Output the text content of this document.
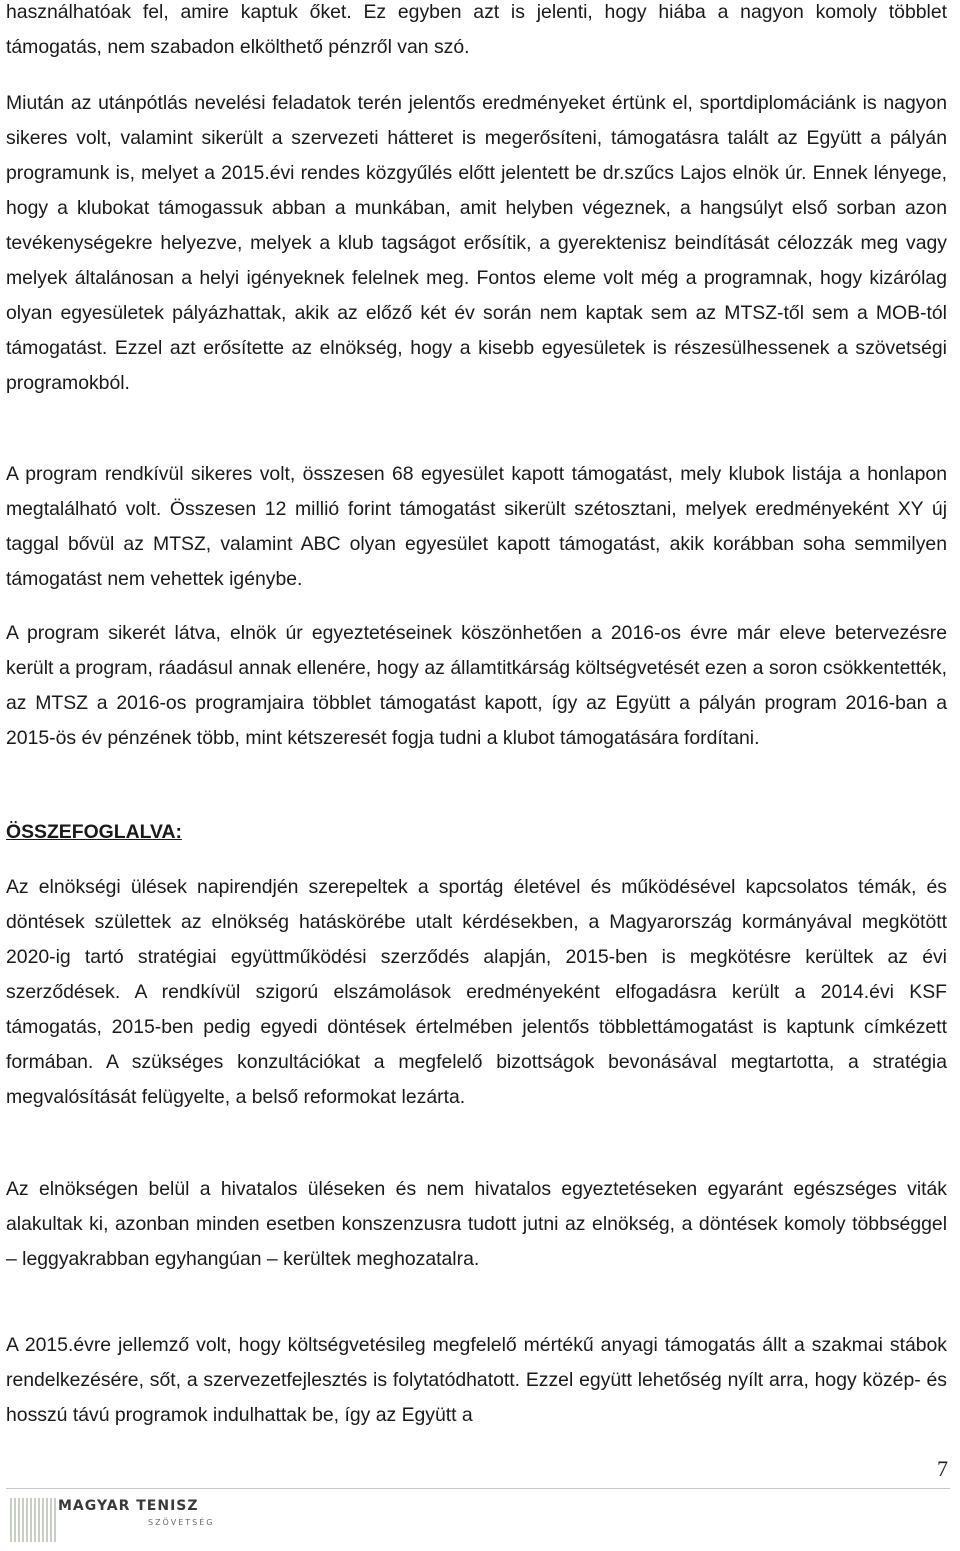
használhatóak fel, amire kaptuk őket. Ez egyben azt is jelenti, hogy hiába a nagyon komoly többlet támogatás, nem szabadon elkölthető pénzről van szó.

Miután az utánpótlás nevelési feladatok terén jelentős eredményeket értünk el, sportdiplomáciánk is nagyon sikeres volt, valamint sikerült a szervezeti hátteret is megerősíteni, támogatásra talált az Együtt a pályán programunk is, melyet a 2015.évi rendes közgyűlés előtt jelentett be dr.szűcs Lajos elnök úr. Ennek lényege, hogy a klubokat támogassuk abban a munkában, amit helyben végeznek, a hangsúlyt első sorban azon tevékenységekre helyezve, melyek a klub tagságot erősítik, a gyerektenisz beindítását célozzák meg vagy melyek általánosan a helyi igényeknek felelnek meg. Fontos eleme volt még a programnak, hogy kizárólag olyan egyesületek pályázhattak, akik az előző két év során nem kaptak sem az MTSZ-től sem a MOB-tól támogatást. Ezzel azt erősítette az elnökség, hogy a kisebb egyesületek is részesülhessenek a szövetségi programokból.

A program rendkívül sikeres volt, összesen 68 egyesület kapott támogatást, mely klubok listája a honlapon megtalálható volt. Összesen 12 millió forint támogatást sikerült szétosztani, melyek eredményeként XY új taggal bővül az MTSZ, valamint ABC olyan egyesület kapott támogatást, akik korábban soha semmilyen támogatást nem vehettek igénybe.

A program sikerét látva, elnök úr egyeztetéseinek köszönhetően a 2016-os évre már eleve betervezésre került a program, ráadásul annak ellenére, hogy az államtitkárság költségvetését ezen a soron csökkentették, az MTSZ a 2016-os programjaira többlet támogatást kapott, így az Együtt a pályán program 2016-ban a 2015-ös év pénzének több, mint kétszeresét fogja tudni a klubot támogatására fordítani.

ÖSSZEFOGLALVA:

Az elnökségi ülések napirendjén szerepeltek a sportág életével és működésével kapcsolatos témák, és döntések születtek az elnökség hatáskörébe utalt kérdésekben, a Magyarország kormányával megkötött 2020-ig tartó stratégiai együttműködési szerződés alapján, 2015-ben is megkötésre kerültek az évi szerződések. A rendkívül szigorú elszámolások eredményeként elfogadásra került a 2014.évi KSF támogatás, 2015-ben pedig egyedi döntések értelmében jelentős többlettámogatást is kaptunk címkézett formában. A szükséges konzultációkat a megfelelő bizottságok bevonásával megtartotta, a stratégia megvalósítását felügyelte, a belső reformokat lezárta.

Az elnökségen belül a hivatalos üléseken és nem hivatalos egyeztetéseken egyaránt egészséges viták alakultak ki, azonban minden esetben konszenzusra tudott jutni az elnökség, a döntések komoly többséggel – leggyakrabban egyhangúan – kerültek meghozatalra.

A 2015.évre jellemző volt, hogy költségvetésileg megfelelő mértékű anyagi támogatás állt a szakmai stábok rendelkezésére, sőt, a szervezetfejlesztés is folytatódhatott. Ezzel együtt lehetőség nyílt arra, hogy közép- és hosszú távú programok indulhattak be, így az Együtt a

7
MAGYAR TENISZ
SZÖVETSÉG
